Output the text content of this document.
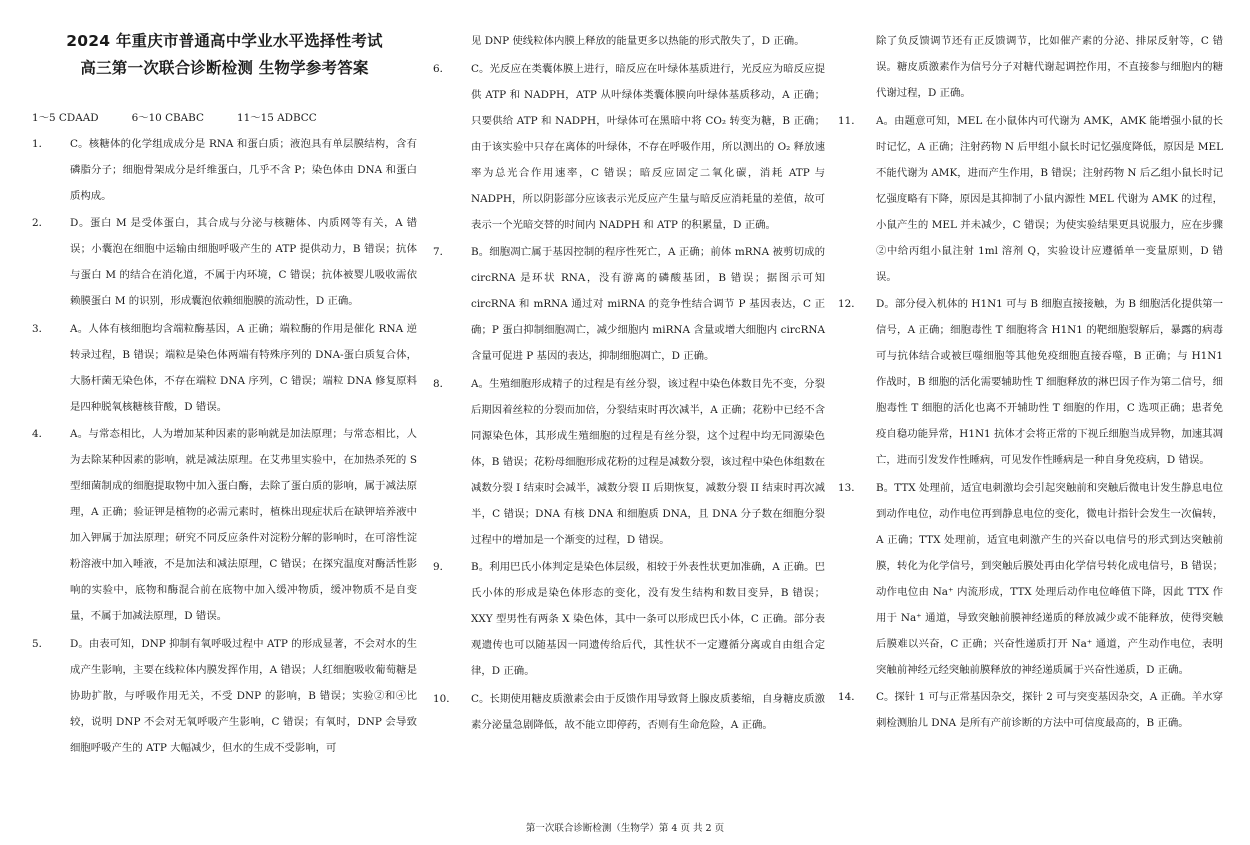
2024 年重庆市普通高中学业水平选择性考试
高三第一次联合诊断检测 生物学参考答案
1～5 CDAAD          6～10 CBABC          11～15 ADBCC
1．	C。核糖体的化学组成成分是 RNA 和蛋白质；液泡具有单层膜结构，含有磷脂分子；细胞骨架成分是纤维蛋白，几乎不含 P；染色体由 DNA 和蛋白质构成。
2．	D。蛋白 M 是受体蛋白，其合成与分泌与核糖体、内质网等有关，A 错误；小囊泡在细胞中运输由细胞呼吸产生的 ATP 提供动力，B 错误；抗体与蛋白 M 的结合在消化道，不属于内环境，C 错误；抗体被婴儿吸收需依赖膜蛋白 M 的识别，形成囊泡依赖细胞膜的流动性，D 正确。
3．	A。人体有核细胞均含端粒酶基因，A 正确；端粒酶的作用是催化 RNA 逆转录过程，B 错误；端粒是染色体两端有特殊序列的 DNA-蛋白质复合体，大肠杆菌无染色体，不存在端粒 DNA 序列，C 错误；端粒 DNA 修复原料是四种脱氧核糖核苷酸，D 错误。
4．	A。与常态相比，人为增加某种因素的影响就是加法原理；与常态相比，人为去除某种因素的影响，就是减法原理。在艾弗里实验中，在加热杀死的 S 型细菌制成的细胞提取物中加入蛋白酶，去除了蛋白质的影响，属于减法原理，A 正确；验证钾是植物的必需元素时，植株出现症状后在缺钾培养液中加入钾属于加法原理；研究不同反应条件对淀粉分解的影响时，在可溶性淀粉溶液中加入唾液，不是加法和减法原理，C 错误；在探究温度对酶活性影响的实验中，底物和酶混合前在底物中加入缓冲物质，缓冲物质不是自变量，不属于加减法原理，D 错误。
5．	D。由表可知，DNP 抑制有氧呼吸过程中 ATP 的形成显著，不会对水的生成产生影响，主要在线粒体内膜发挥作用，A 错误；人红细胞吸收葡萄糖是协助扩散，与呼吸作用无关，不受 DNP 的影响，B 错误；实验②和④比较，说明 DNP 不会对无氧呼吸产生影响，C 错误；有氧时，DNP 会导致细胞呼吸产生的 ATP 大幅减少，但水的生成不受影响，可
见 DNP 使线粒体内膜上释放的能量更多以热能的形式散失了，D 正确。
6．	C。光反应在类囊体膜上进行，暗反应在叶绿体基质进行，光反应为暗反应提供 ATP 和 NADPH，ATP 从叶绿体类囊体膜向叶绿体基质移动，A 正确；只要供给 ATP 和 NADPH，叶绿体可在黑暗中将 CO₂ 转变为糖，B 正确；由于该实验中只存在离体的叶绿体，不存在呼吸作用，所以测出的 O₂ 释放速率为总光合作用速率，C 错误；暗反应固定二氧化碳，消耗 ATP 与 NADPH，所以阴影部分应该表示光反应产生量与暗反应消耗量的差值，故可表示一个光暗交替的时间内 NADPH 和 ATP 的积累量，D 正确。
7．	B。细胞凋亡属于基因控制的程序性死亡，A 正确；前体 mRNA 被剪切成的 circRNA 是环状 RNA，没有游离的磷酸基团，B 错误；据图示可知 circRNA 和 mRNA 通过对 miRNA 的竞争性结合调节 P 基因表达，C 正确；P 蛋白抑制细胞凋亡，减少细胞内 miRNA 含量或增大细胞内 circRNA 含量可促进 P 基因的表达，抑制细胞凋亡，D 正确。
8．	A。生殖细胞形成精子的过程是有丝分裂，该过程中染色体数目先不变，分裂后期因着丝粒的分裂而加倍，分裂结束时再次减半，A 正确；花粉中已经不含同源染色体，其形成生殖细胞的过程是有丝分裂，这个过程中均无同源染色体，B 错误；花粉母细胞形成花粉的过程是减数分裂，该过程中染色体组数在减数分裂 I 结束时会减半，减数分裂 II 后期恢复，减数分裂 II 结束时再次减半，C 错误；DNA 有核 DNA 和细胞质 DNA，且 DNA 分子数在细胞分裂过程中的增加是一个渐变的过程，D 错误。
9．	B。利用巴氏小体判定是染色体层级，相较于外表性状更加准确，A 正确。巴氏小体的形成是染色体形态的变化，没有发生结构和数目变异，B 错误；XXY 型男性有两条 X 染色体，其中一条可以形成巴氏小体，C 正确。部分表观遗传也可以随基因一同遗传给后代，其性状不一定遵循分离或自由组合定律，D 正确。
10．	C。长期使用糖皮质激素会由于反馈作用导致肾上腺皮质萎缩，自身糖皮质激素分泌量急剧降低，故不能立即停药，否则有生命危险，A 正确。
除了负反馈调节还有正反馈调节，比如催产素的分泌、排尿反射等，C 错误。糖皮质激素作为信号分子对糖代谢起调控作用，不直接参与细胞内的糖代谢过程，D 正确。
11．	A。由题意可知，MEL 在小鼠体内可代谢为 AMK，AMK 能增强小鼠的长时记忆，A 正确；注射药物 N 后甲组小鼠长时记忆强度降低，原因是 MEL 不能代谢为 AMK，进而产生作用，B 错误；注射药物 N 后乙组小鼠长时记忆强度略有下降，原因是其抑制了小鼠内源性 MEL 代谢为 AMK 的过程，小鼠产生的 MEL 并未减少，C 错误；为使实验结果更具说服力，应在步骤②中给丙组小鼠注射 1ml 溶剂 Q，实验设计应遵循单一变量原则，D 错误。
12．	D。部分侵入机体的 H1N1 可与 B 细胞直接接触，为 B 细胞活化提供第一信号，A 正确；细胞毒性 T 细胞将含 H1N1 的靶细胞裂解后，暴露的病毒可与抗体结合或被巨噬细胞等其他免疫细胞直接吞噬，B 正确；与 H1N1 作战时，B 细胞的活化需要辅助性 T 细胞释放的淋巴因子作为第二信号，细胞毒性 T 细胞的活化也离不开辅助性 T 细胞的作用，C 选项正确；患者免疫自稳功能异常，H1N1 抗体才会将正常的下视丘细胞当成异物，加速其凋亡，进而引发发作性睡病，可见发作性睡病是一种自身免疫病，D 错误。
13．	B。TTX 处理前，适宜电刺激均会引起突触前和突触后微电计发生静息电位到动作电位，动作电位再到静息电位的变化，微电计指针会发生一次偏转，A 正确；TTX 处理前，适宜电刺激产生的兴奋以电信号的形式到达突触前膜，转化为化学信号，到突触后膜处再由化学信号转化成电信号，B 错误；动作电位由 Na⁺ 内流形成，TTX 处理后动作电位峰值下降，因此 TTX 作用于 Na⁺ 通道，导致突触前膜神经递质的释放减少或不能释放，使得突触后膜难以兴奋，C 正确；兴奋性递质打开 Na⁺ 通道，产生动作电位，表明突触前神经元经突触前膜释放的神经递质属于兴奋性递质，D 正确。
14．	C。探针 1 可与正常基因杂交，探针 2 可与突变基因杂交，A 正确。羊水穿刺检测胎儿 DNA 是所有产前诊断的方法中可信度最高的，B 正确。
第一次联合诊断检测（生物学）第 4 页 共 2 页
